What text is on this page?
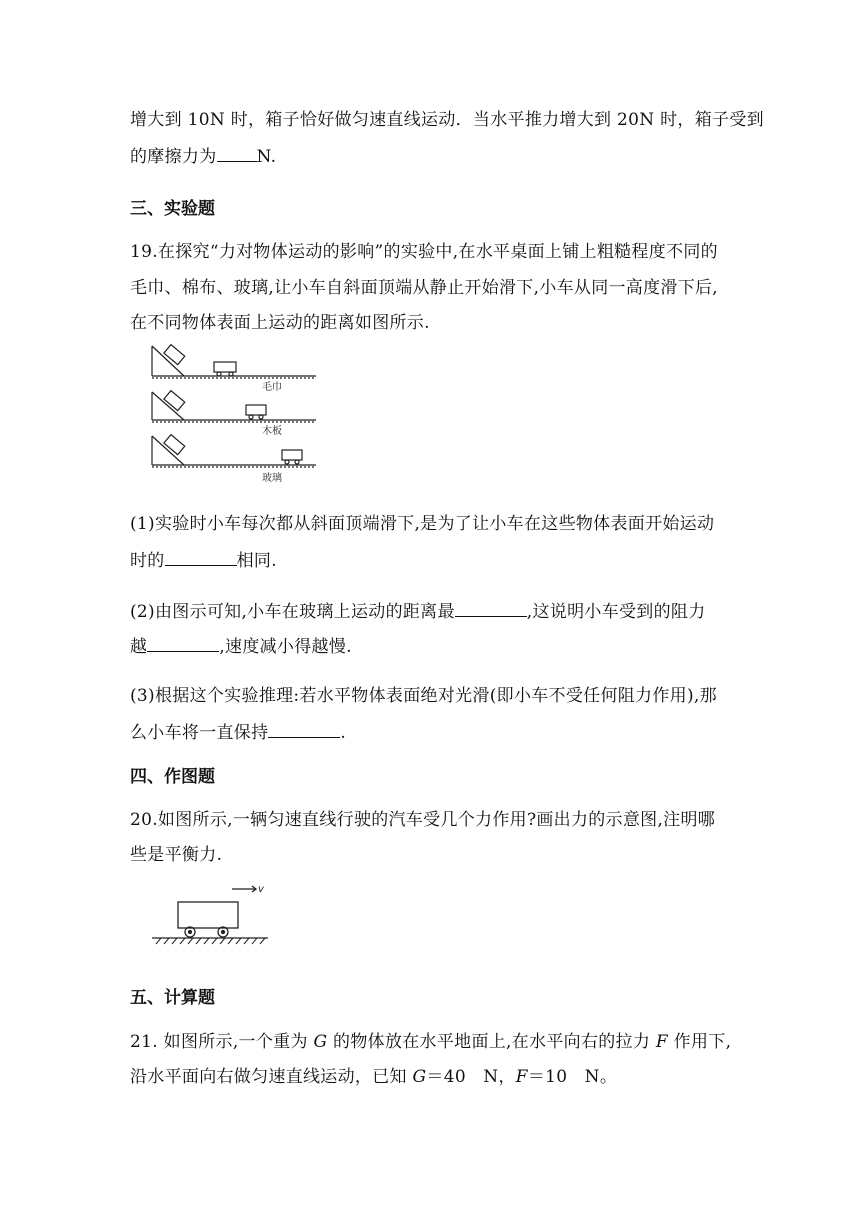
增大到 10N 时，箱子恰好做匀速直线运动．当水平推力增大到 20N 时，箱子受到
的摩擦力为 N.
三、实验题
19.在探究“力对物体运动的影响”的实验中,在水平桌面上铺上粗糙程度不同的
毛巾、棉布、玻璃,让小车自斜面顶端从静止开始滑下,小车从同一高度滑下后,
在不同物体表面上运动的距离如图所示.
毛巾
木板
玻璃
(1)实验时小车每次都从斜面顶端滑下,是为了让小车在这些物体表面开始运动
时的	相同.
(2)由图示可知,小车在玻璃上运动的距离最	,这说明小车受到的阻力
越	,速度减小得越慢.
(3)根据这个实验推理:若水平物体表面绝对光滑(即小车不受任何阻力作用),那
么小车将一直保持	.
四、作图题
20.如图所示,一辆匀速直线行驶的汽车受几个力作用?画出力的示意图,注明哪
些是平衡力.
v
五、计算题
21. 如图所示,一个重为 G 的物体放在水平地面上,在水平向右的拉力 F 作用下,
沿水平面向右做匀速直线运动，已知 G＝40　N，F＝10　N。
